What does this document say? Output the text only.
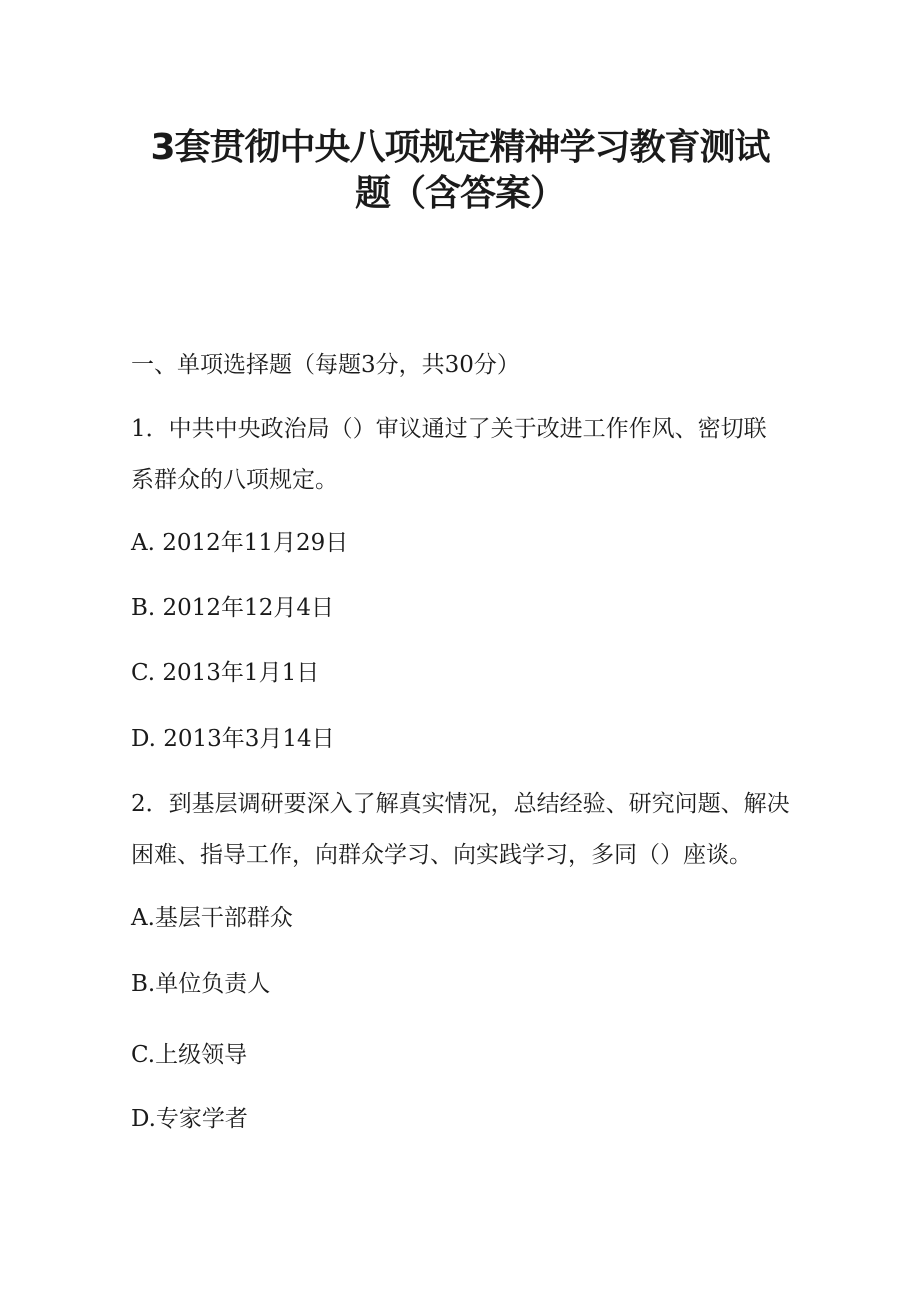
3套贯彻中央八项规定精神学习教育测试
题（含答案）
一、单项选择题（每题3分，共30分）
1．中共中央政治局（）审议通过了关于改进工作作风、密切联
系群众的八项规定。
A. 2012年11月29日
B. 2012年12月4日
C. 2013年1月1日
D. 2013年3月14日
2．到基层调研要深入了解真实情况，总结经验、研究问题、解决
困难、指导工作，向群众学习、向实践学习，多同（）座谈。
A.基层干部群众
B.单位负责人
C.上级领导
D.专家学者
